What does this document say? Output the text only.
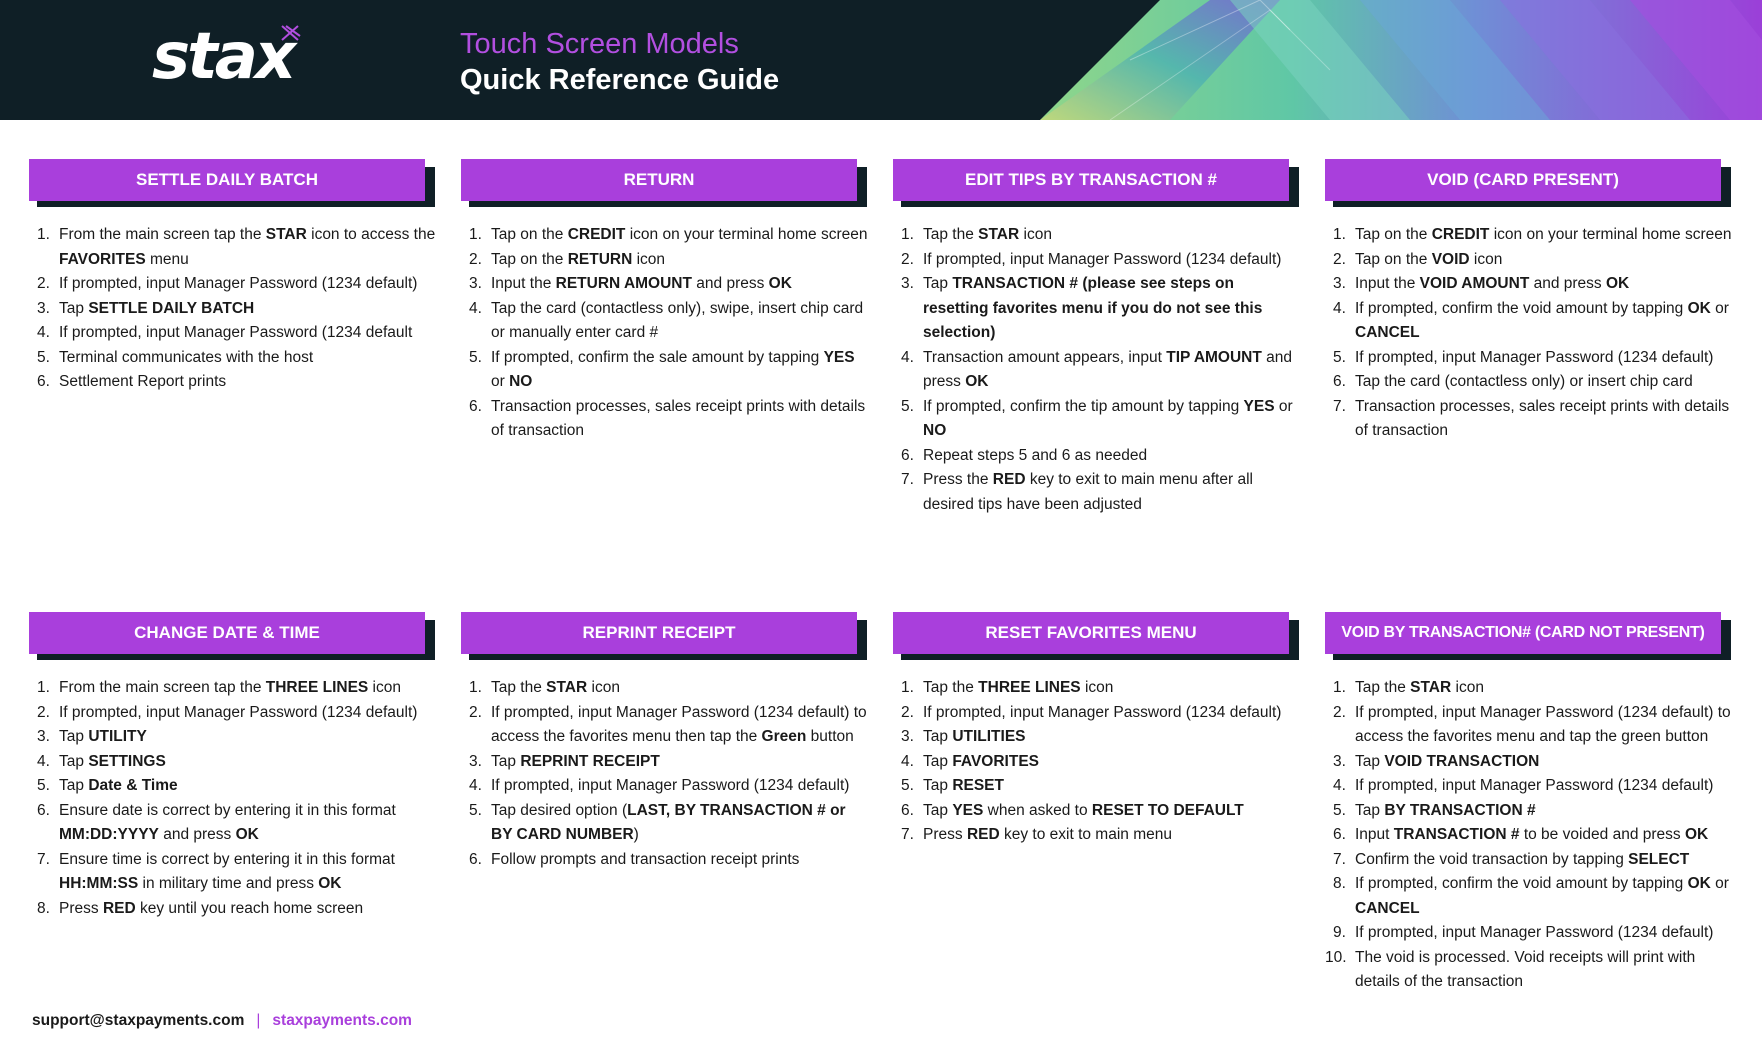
stax	Touch Screen Models
Quick Reference Guide
SETTLE DAILY BATCH
1. From the main screen tap the STAR icon to access the FAVORITES menu
2. If prompted, input Manager Password (1234 default)
3. Tap SETTLE DAILY BATCH
4. If prompted, input Manager Password (1234 default
5. Terminal communicates with the host
6. Settlement Report prints
RETURN
1. Tap on the CREDIT icon on your terminal home screen
2. Tap on the RETURN icon
3. Input the RETURN AMOUNT and press OK
4. Tap the card (contactless only), swipe, insert chip card or manually enter card #
5. If prompted, confirm the sale amount by tapping YES or NO
6. Transaction processes, sales receipt prints with details of transaction
EDIT TIPS BY TRANSACTION #
1. Tap the STAR icon
2. If prompted, input Manager Password (1234 default)
3. Tap TRANSACTION # (please see steps on resetting favorites menu if you do not see this selection)
4. Transaction amount appears, input TIP AMOUNT and press OK
5. If prompted, confirm the tip amount by tapping YES or NO
6. Repeat steps 5 and 6 as needed
7. Press the RED key to exit to main menu after all desired tips have been adjusted
VOID (CARD PRESENT)
1. Tap on the CREDIT icon on your terminal home screen
2. Tap on the VOID icon
3. Input the VOID AMOUNT and press OK
4. If prompted, confirm the void amount by tapping OK or CANCEL
5. If prompted, input Manager Password (1234 default)
6. Tap the card (contactless only) or insert chip card
7. Transaction processes, sales receipt prints with details of transaction
CHANGE DATE & TIME
1. From the main screen tap the THREE LINES icon
2. If prompted, input Manager Password (1234 default)
3. Tap UTILITY
4. Tap SETTINGS
5. Tap Date & Time
6. Ensure date is correct by entering it in this format MM:DD:YYYY and press OK
7. Ensure time is correct by entering it in this format HH:MM:SS in military time and press OK
8. Press RED key until you reach home screen
REPRINT RECEIPT
1. Tap the STAR icon
2. If prompted, input Manager Password (1234 default) to access the favorites menu then tap the Green button
3. Tap REPRINT RECEIPT
4. If prompted, input Manager Password (1234 default)
5. Tap desired option (LAST, BY TRANSACTION # or BY CARD NUMBER)
6. Follow prompts and transaction receipt prints
RESET FAVORITES MENU
1. Tap the THREE LINES icon
2. If prompted, input Manager Password (1234 default)
3. Tap UTILITIES
4. Tap FAVORITES
5. Tap RESET
6. Tap YES when asked to RESET TO DEFAULT
7. Press RED key to exit to main menu
VOID BY TRANSACTION# (CARD NOT PRESENT)
1. Tap the STAR icon
2. If prompted, input Manager Password (1234 default) to access the favorites menu and tap the green button
3. Tap VOID TRANSACTION
4. If prompted, input Manager Password (1234 default)
5. Tap BY TRANSACTION #
6. Input TRANSACTION # to be voided and press OK
7. Confirm the void transaction by tapping SELECT
8. If prompted, confirm the void amount by tapping OK or CANCEL
9. If prompted, input Manager Password (1234 default)
10. The void is processed. Void receipts will print with details of the transaction
support@staxpayments.com | staxpayments.com
